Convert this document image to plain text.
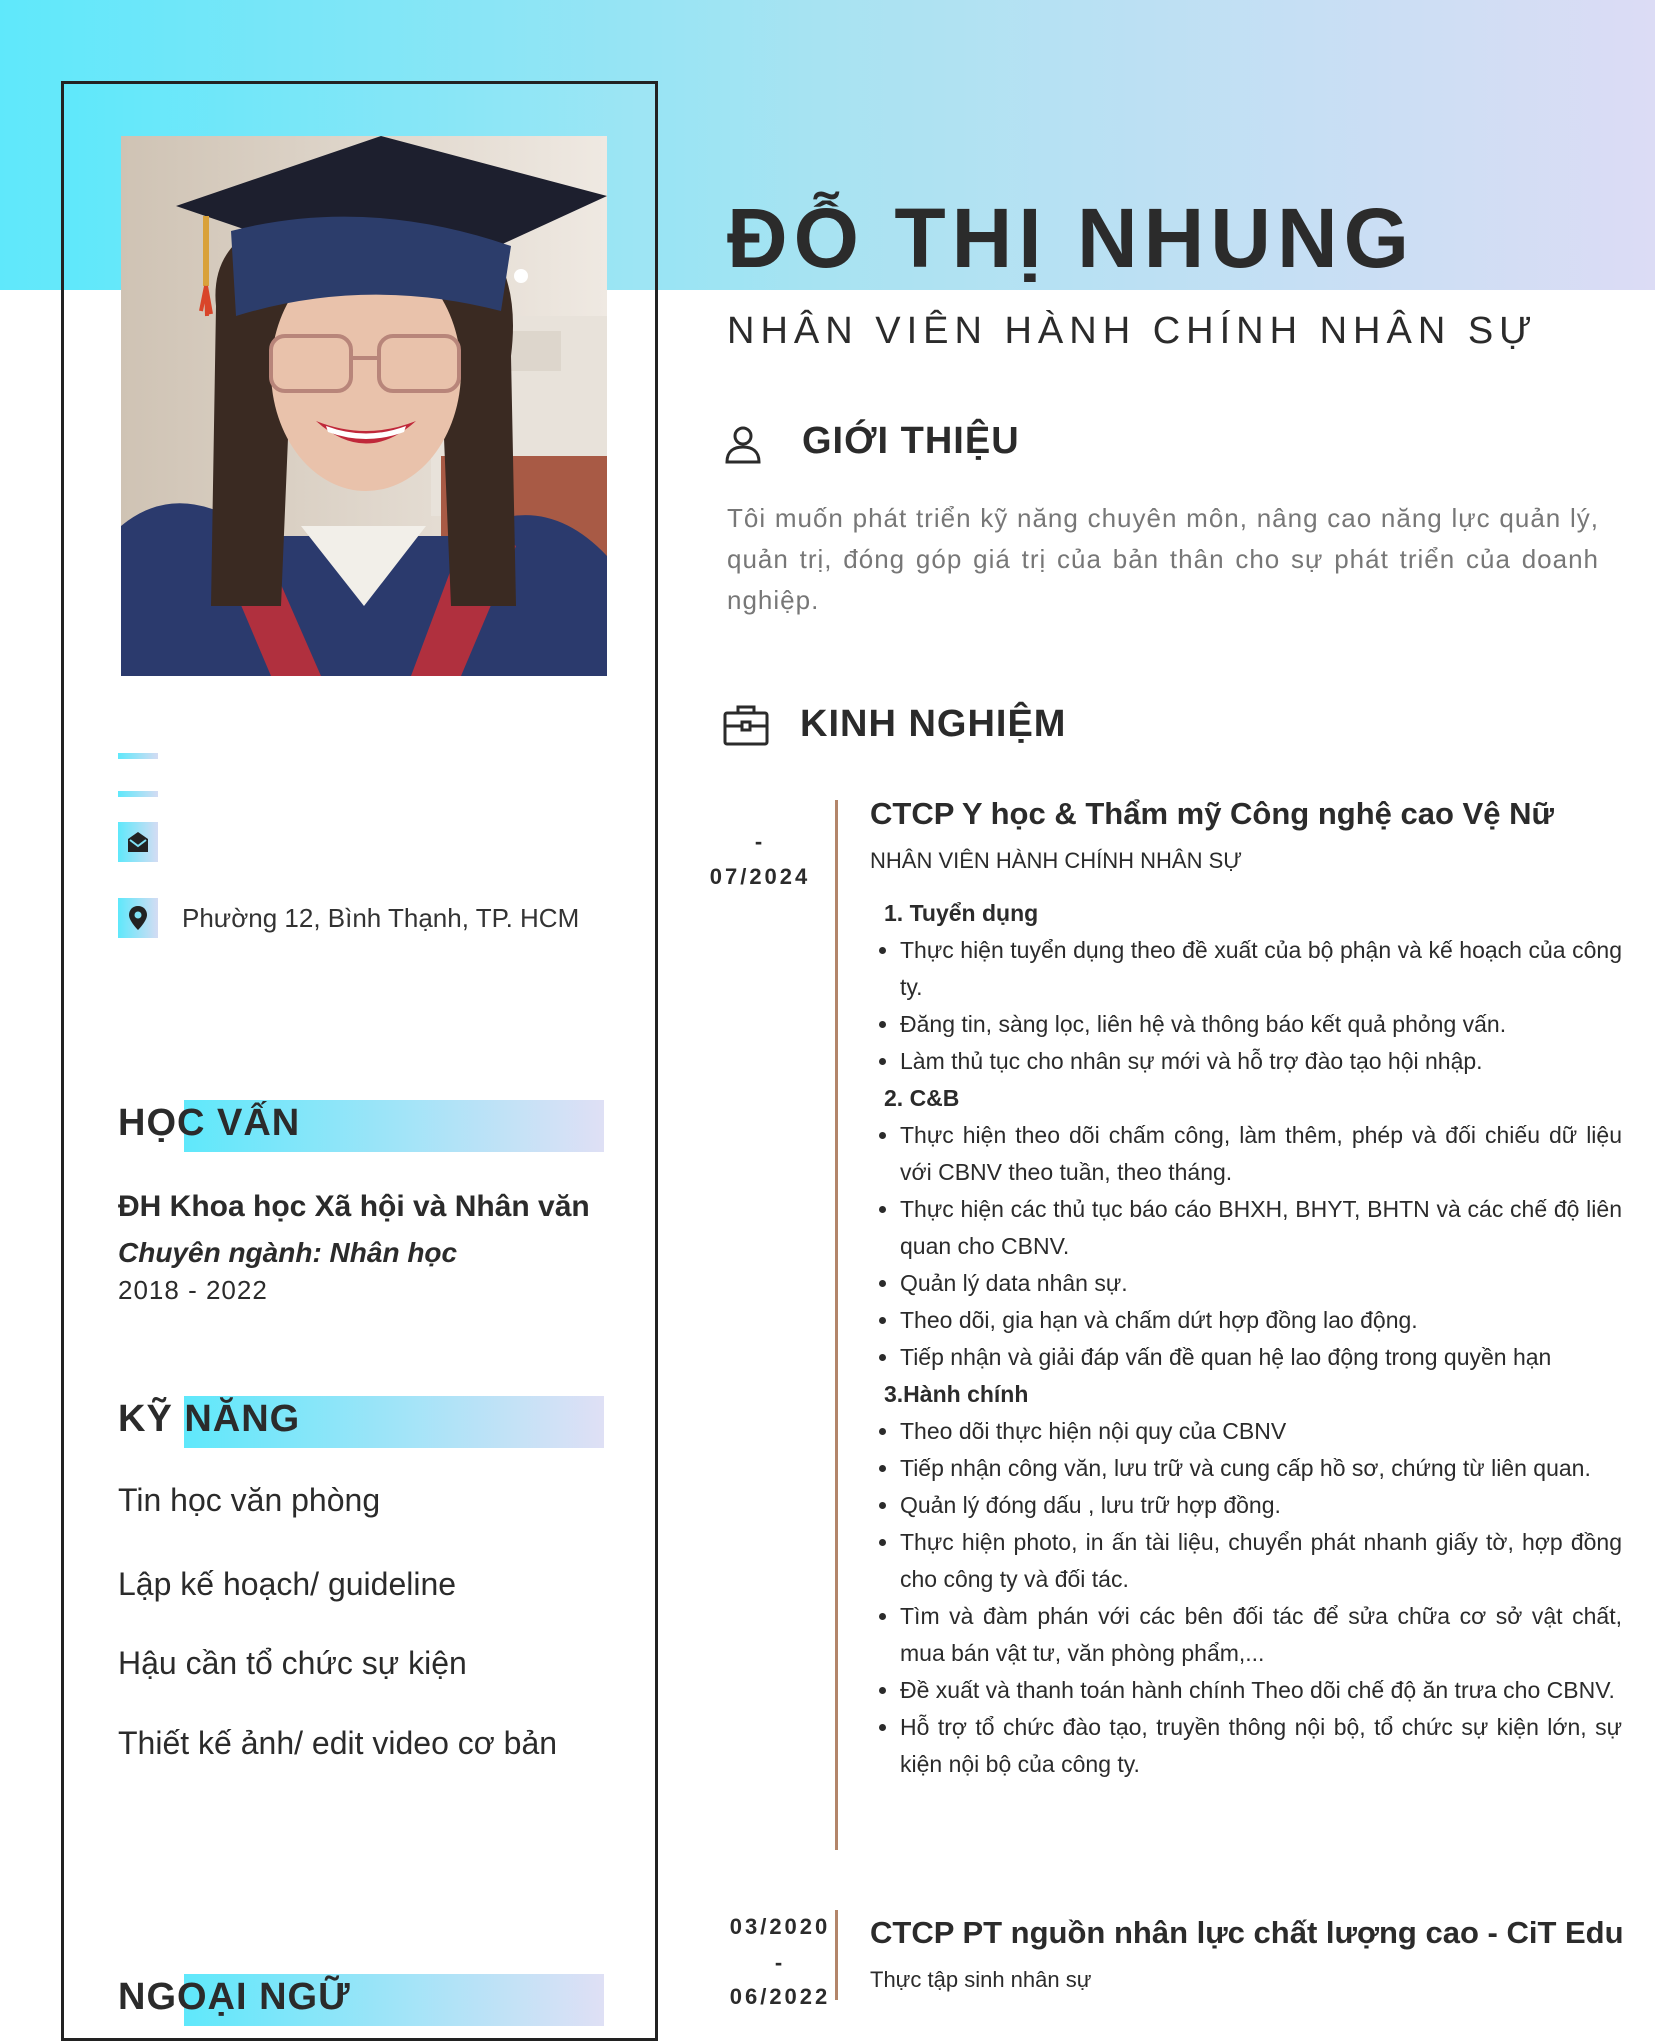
Phường 12, Bình Thạnh, TP. HCM
HỌC VẤN
ĐH Khoa học Xã hội và Nhân văn
Chuyên ngành: Nhân học
2018 - 2022
KỸ NĂNG
Tin học văn phòng
Lập kế hoạch/ guideline
Hậu cần tổ chức sự kiện
Thiết kế ảnh/ edit video cơ bản
NGOẠI NGỮ
ĐỖ THỊ NHUNG
NHÂN VIÊN HÀNH CHÍNH NHÂN SỰ
GIỚI THIỆU
Tôi muốn phát triển kỹ năng chuyên môn, nâng cao năng lực quản lý, quản trị, đóng góp giá trị của bản thân cho sự phát triển của doanh nghiệp.
KINH NGHIỆM
-
07/2024
CTCP Y học & Thẩm mỹ Công nghệ cao Vệ Nữ
NHÂN VIÊN HÀNH CHÍNH NHÂN SỰ
1. Tuyển dụng
• Thực hiện tuyển dụng theo đề xuất của bộ phận và kế hoạch của công ty.
• Đăng tin, sàng lọc, liên hệ và thông báo kết quả phỏng vấn.
• Làm thủ tục cho nhân sự mới và hỗ trợ đào tạo hội nhập.
2. C&B
• Thực hiện theo dõi chấm công, làm thêm, phép và đối chiếu dữ liệu với CBNV theo tuần, theo tháng.
• Thực hiện các thủ tục báo cáo BHXH, BHYT, BHTN và các chế độ liên quan cho CBNV.
• Quản lý data nhân sự.
• Theo dõi, gia hạn và chấm dứt hợp đồng lao động.
• Tiếp nhận và giải đáp vấn đề quan hệ lao động trong quyền hạn
3.Hành chính
• Theo dõi thực hiện nội quy của CBNV
• Tiếp nhận công văn, lưu trữ và cung cấp hồ sơ, chứng từ liên quan.
• Quản lý đóng dấu , lưu trữ hợp đồng.
• Thực hiện photo, in ấn tài liệu, chuyển phát nhanh giấy tờ, hợp đồng cho công ty và đối tác.
• Tìm và đàm phán với các bên đối tác để sửa chữa cơ sở vật chất, mua bán vật tư, văn phòng phẩm,...
• Đề xuất và thanh toán hành chính Theo dõi chế độ ăn trưa cho CBNV.
• Hỗ trợ tổ chức đào tạo, truyền thông nội bộ, tổ chức sự kiện lớn, sự kiện nội bộ của công ty.
03/2020
-
06/2022
CTCP PT nguồn nhân lực chất lượng cao - CiT Edu
Thực tập sinh nhân sự
